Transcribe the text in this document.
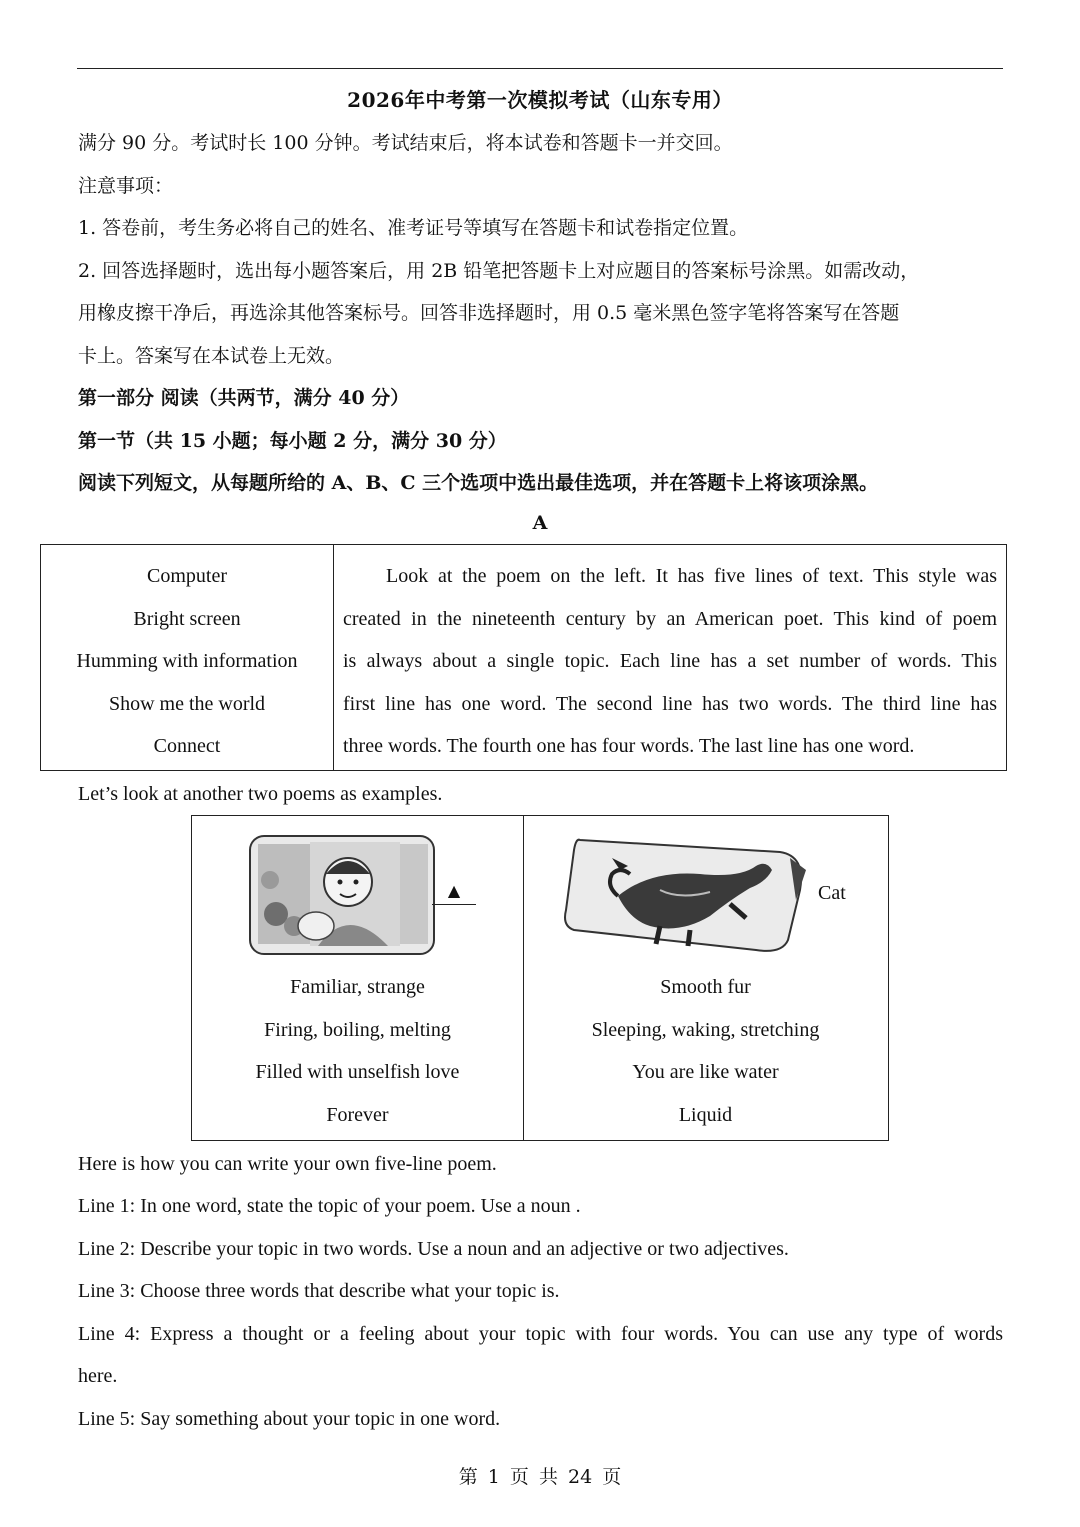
2026年中考第一次模拟考试（山东专用）
满分 90 分。考试时长 100 分钟。考试结束后，将本试卷和答题卡一并交回。
注意事项：
1. 答卷前，考生务必将自己的姓名、准考证号等填写在答题卡和试卷指定位置。
2. 回答选择题时，选出每小题答案后，用 2B 铅笔把答题卡上对应题目的答案标号涂黑。如需改动，
用橡皮擦干净后，再选涂其他答案标号。回答非选择题时，用 0.5 毫米黑色签字笔将答案写在答题
卡上。答案写在本试卷上无效。
第一部分 阅读（共两节，满分 40 分）
第一节（共 15 小题；每小题 2 分，满分 30 分）
阅读下列短文，从每题所给的 A、B、C 三个选项中选出最佳选项，并在答题卡上将该项涂黑。
A
Computer
Bright screen
Humming with information
Show me the world
Connect
Look at the poem on the left. It has five lines of text. This style was
created in the nineteenth century by an American poet. This kind of poem
is always about a single topic. Each line has a set number of words. This
first line has one word. The second line has two words. The third line has
three words. The fourth one has four words. The last line has one word.
Let’s look at another two poems as examples.
▲	Cat
Familiar, strange
Firing, boiling, melting
Filled with unselfish love
Forever
Smooth fur
Sleeping, waking, stretching
You are like water
Liquid
Here is how you can write your own five-line poem.
Line 1: In one word, state the topic of your poem. Use a noun .
Line 2: Describe your topic in two words. Use a noun and an adjective or two adjectives.
Line 3: Choose three words that describe what your topic is.
Line 4: Express a thought or a feeling about your topic with four words. You can use any type of words
here.
Line 5: Say something about your topic in one word.
第 1 页 共 24 页
